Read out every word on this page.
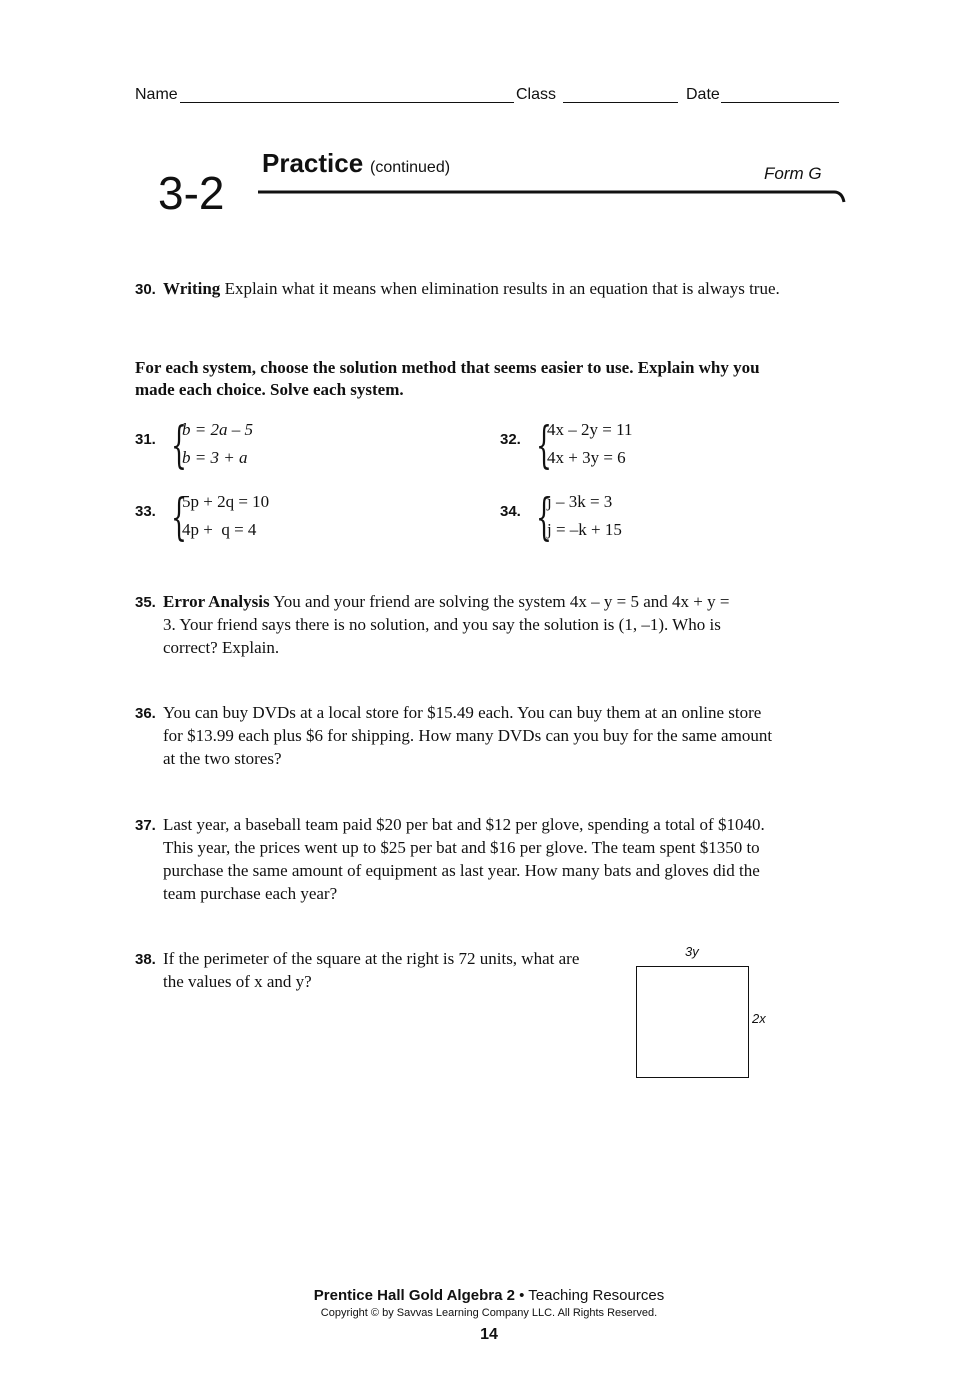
Name	Class	Date
3-2
Practice (continued)	Form G
30. Writing Explain what it means when elimination results in an equation that is always true.
For each system, choose the solution method that seems easier to use. Explain why you made each choice. Solve each system.
31. {
b = 2a – 5
b = 3 + a
32. {
4x – 2y = 11
4x + 3y = 6
33. {
5p + 2q = 10
4p +  q = 4
34. {
j – 3k = 3
j = –k + 15
35. Error Analysis You and your friend are solving the system 4x – y = 5 and 4x + y = 3. Your friend says there is no solution, and you say the solution is (1, –1). Who is correct? Explain.
36. You can buy DVDs at a local store for $15.49 each. You can buy them at an online store for $13.99 each plus $6 for shipping. How many DVDs can you buy for the same amount at the two stores?
37. Last year, a baseball team paid $20 per bat and $12 per glove, spending a total of $1040. This year, the prices went up to $25 per bat and $16 per glove. The team spent $1350 to purchase the same amount of equipment as last year. How many bats and gloves did the team purchase each year?
38. If the perimeter of the square at the right is 72 units, what are the values of x and y?
3y
2x
Prentice Hall Gold Algebra 2 • Teaching Resources
Copyright © by Savvas Learning Company LLC. All Rights Reserved.
14
